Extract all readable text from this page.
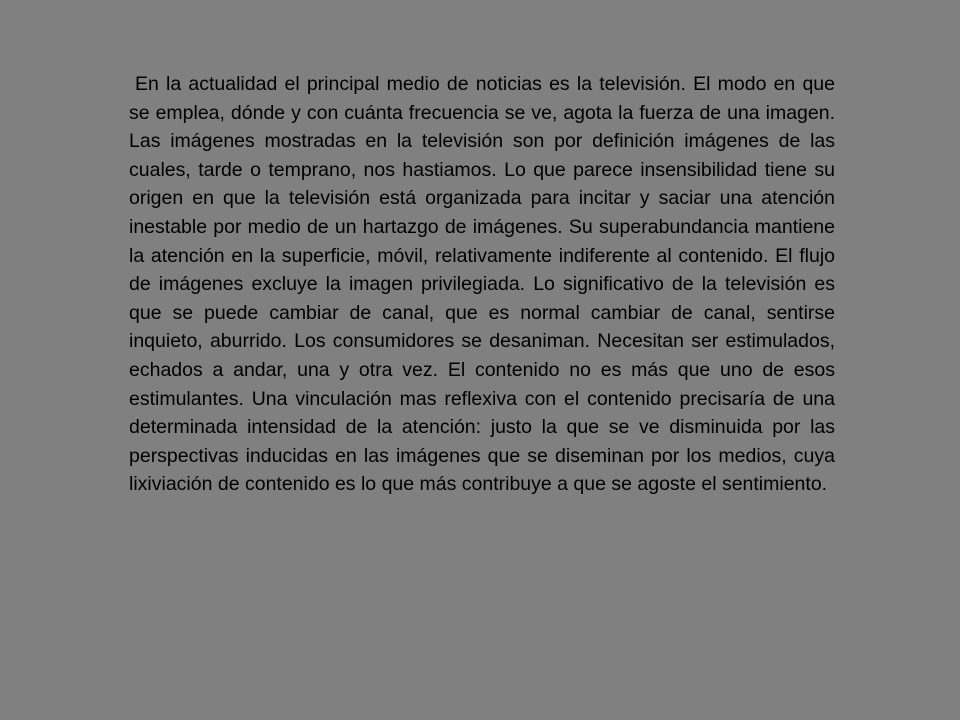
En la actualidad el principal medio de noticias es la televisión. El modo en que se emplea, dónde y con cuánta frecuencia se ve, agota la fuerza de una imagen. Las imágenes mostradas en la televisión son por definición imágenes de las cuales, tarde o temprano, nos hastiamos. Lo que parece insensibilidad tiene su origen en que la televisión está organizada para incitar y saciar una atención inestable por medio de un hartazgo de imágenes. Su superabundancia mantiene la atención en la superficie, móvil, relativamente indiferente al contenido. El flujo de imágenes excluye la imagen privilegiada. Lo significativo de la televisión es que se puede cambiar de canal, que es normal cambiar de canal, sentirse inquieto, aburrido. Los consumidores se desaniman. Necesitan ser estimulados, echados a andar, una y otra vez. El contenido no es más que uno de esos estimulantes. Una vinculación mas reflexiva con el contenido precisaría de una determinada intensidad de la atención: justo la que se ve disminuida por las perspectivas inducidas en las imágenes que se diseminan por los medios, cuya lixiviación de contenido es lo que más contribuye a que se agoste el sentimiento.
